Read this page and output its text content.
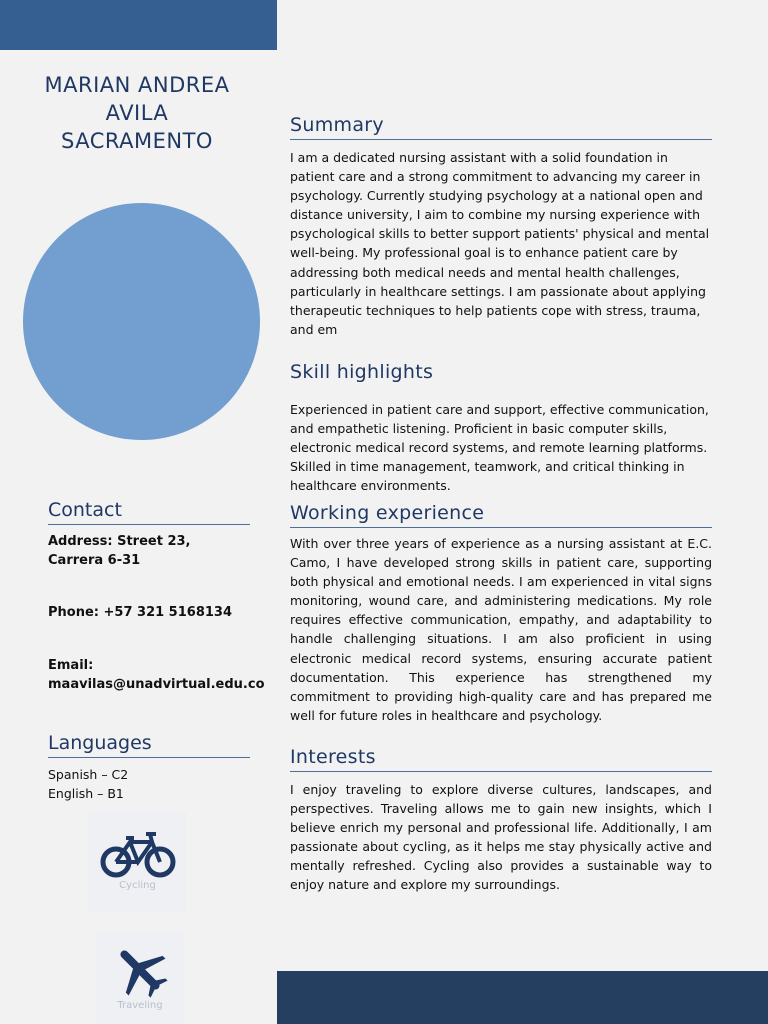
MARIAN ANDREA
AVILA
SACRAMENTO
Contact

Address: Street 23, Carrera 6-31

Phone: +57 321 5168134

Email:
maavilas@unadvirtual.edu.co

Languages
Spanish – C2
English – B1
Cycling
Traveling
Summary

I am a dedicated nursing assistant with a solid foundation in patient care and a strong commitment to advancing my career in psychology. Currently studying psychology at a national open and distance university, I aim to combine my nursing experience with psychological skills to better support patients' physical and mental well-being. My professional goal is to enhance patient care by addressing both medical needs and mental health challenges, particularly in healthcare settings. I am passionate about applying therapeutic techniques to help patients cope with stress, trauma, and em

Skill highlights

Experienced in patient care and support, effective communication, and empathetic listening. Proficient in basic computer skills, electronic medical record systems, and remote learning platforms. Skilled in time management, teamwork, and critical thinking in healthcare environments.

Working experience

With over three years of experience as a nursing assistant at E.C. Camo, I have developed strong skills in patient care, supporting both physical and emotional needs. I am experienced in vital signs monitoring, wound care, and administering medications. My role requires effective communication, empathy, and adaptability to handle challenging situations. I am also proficient in using electronic medical record systems, ensuring accurate patient documentation. This experience has strengthened my commitment to providing high-quality care and has prepared me well for future roles in healthcare and psychology.

Interests

I enjoy traveling to explore diverse cultures, landscapes, and perspectives. Traveling allows me to gain new insights, which I believe enrich my personal and professional life. Additionally, I am passionate about cycling, as it helps me stay physically active and mentally refreshed. Cycling also provides a sustainable way to enjoy nature and explore my surroundings.
